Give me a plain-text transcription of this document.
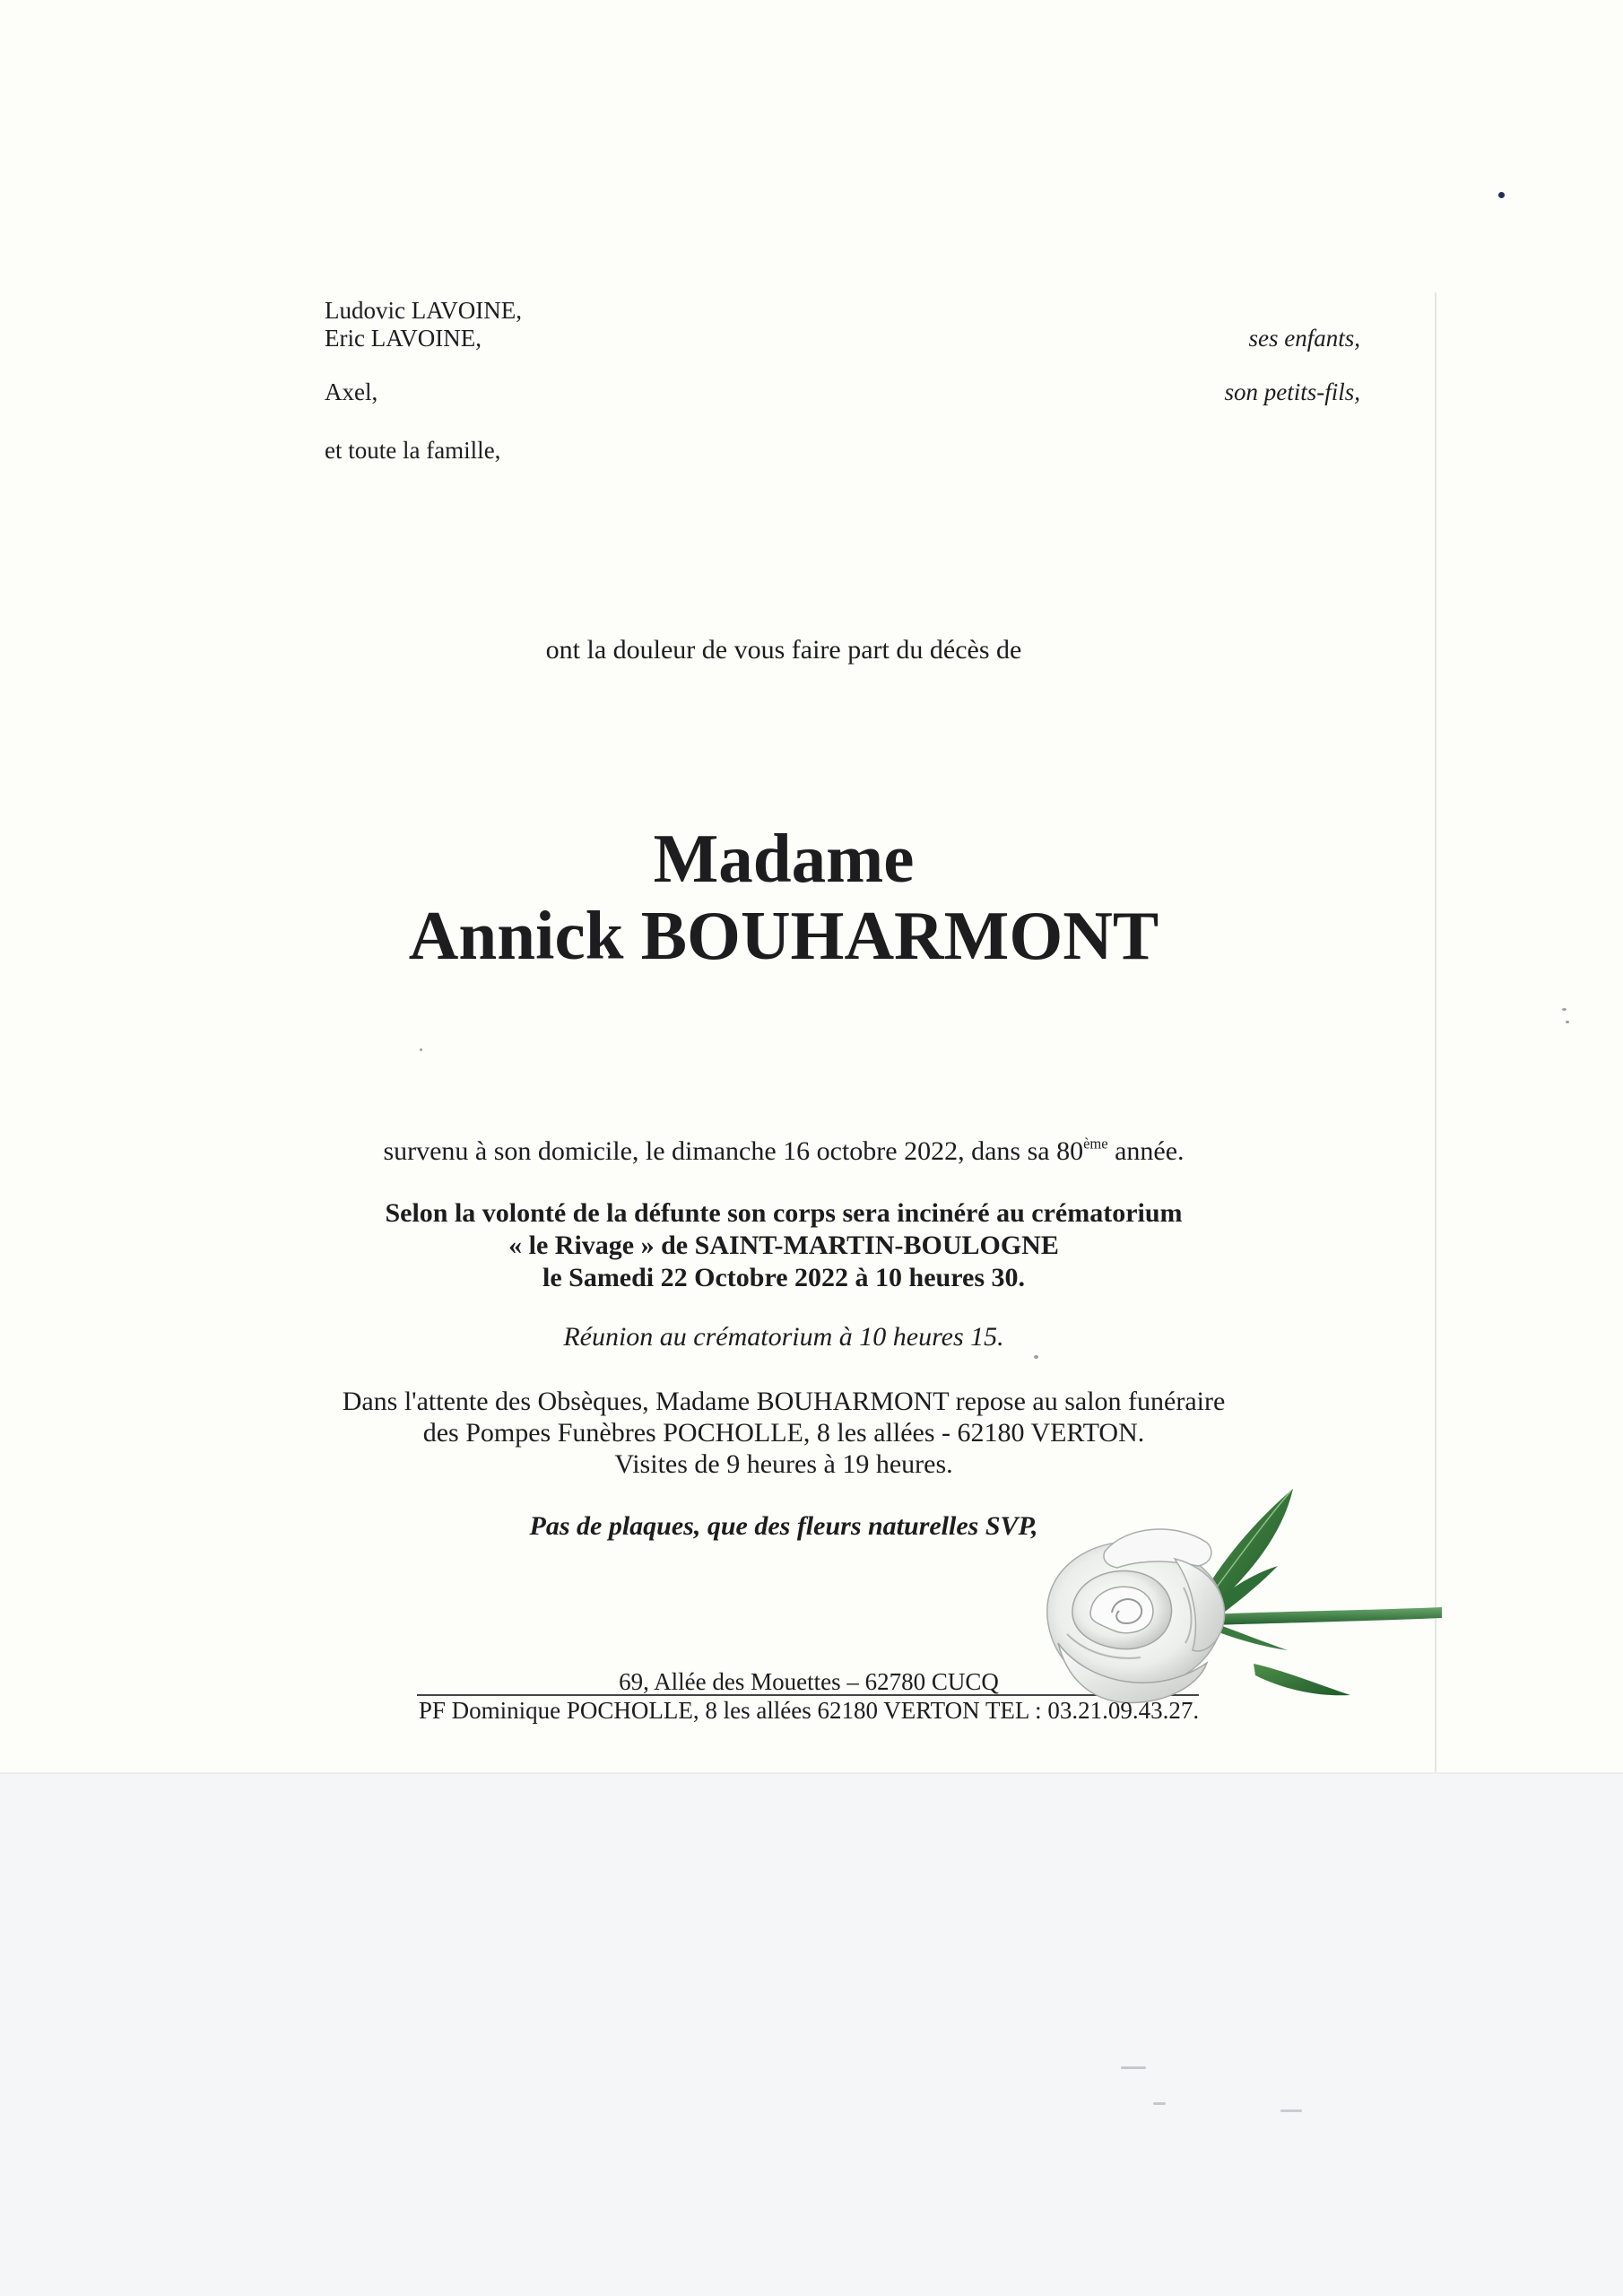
Ludovic LAVOINE,
Eric LAVOINE,	ses enfants,
Axel,	son petits-fils,
et toute la famille,
ont la douleur de vous faire part du décès de
Madame
Annick BOUHARMONT
survenu à son domicile, le dimanche 16 octobre 2022, dans sa 80ème année.
Selon la volonté de la défunte son corps sera incinéré au crématorium
« le Rivage » de SAINT-MARTIN-BOULOGNE
le Samedi 22 Octobre 2022 à 10 heures 30.
Réunion au crématorium à 10 heures 15.
Dans l'attente des Obsèques, Madame BOUHARMONT repose au salon funéraire
des Pompes Funèbres POCHOLLE, 8 les allées - 62180 VERTON.
Visites de 9 heures à 19 heures.
Pas de plaques, que des fleurs naturelles SVP,
69, Allée des Mouettes – 62780 CUCQ
PF Dominique POCHOLLE, 8 les allées 62180 VERTON TEL : 03.21.09.43.27.
